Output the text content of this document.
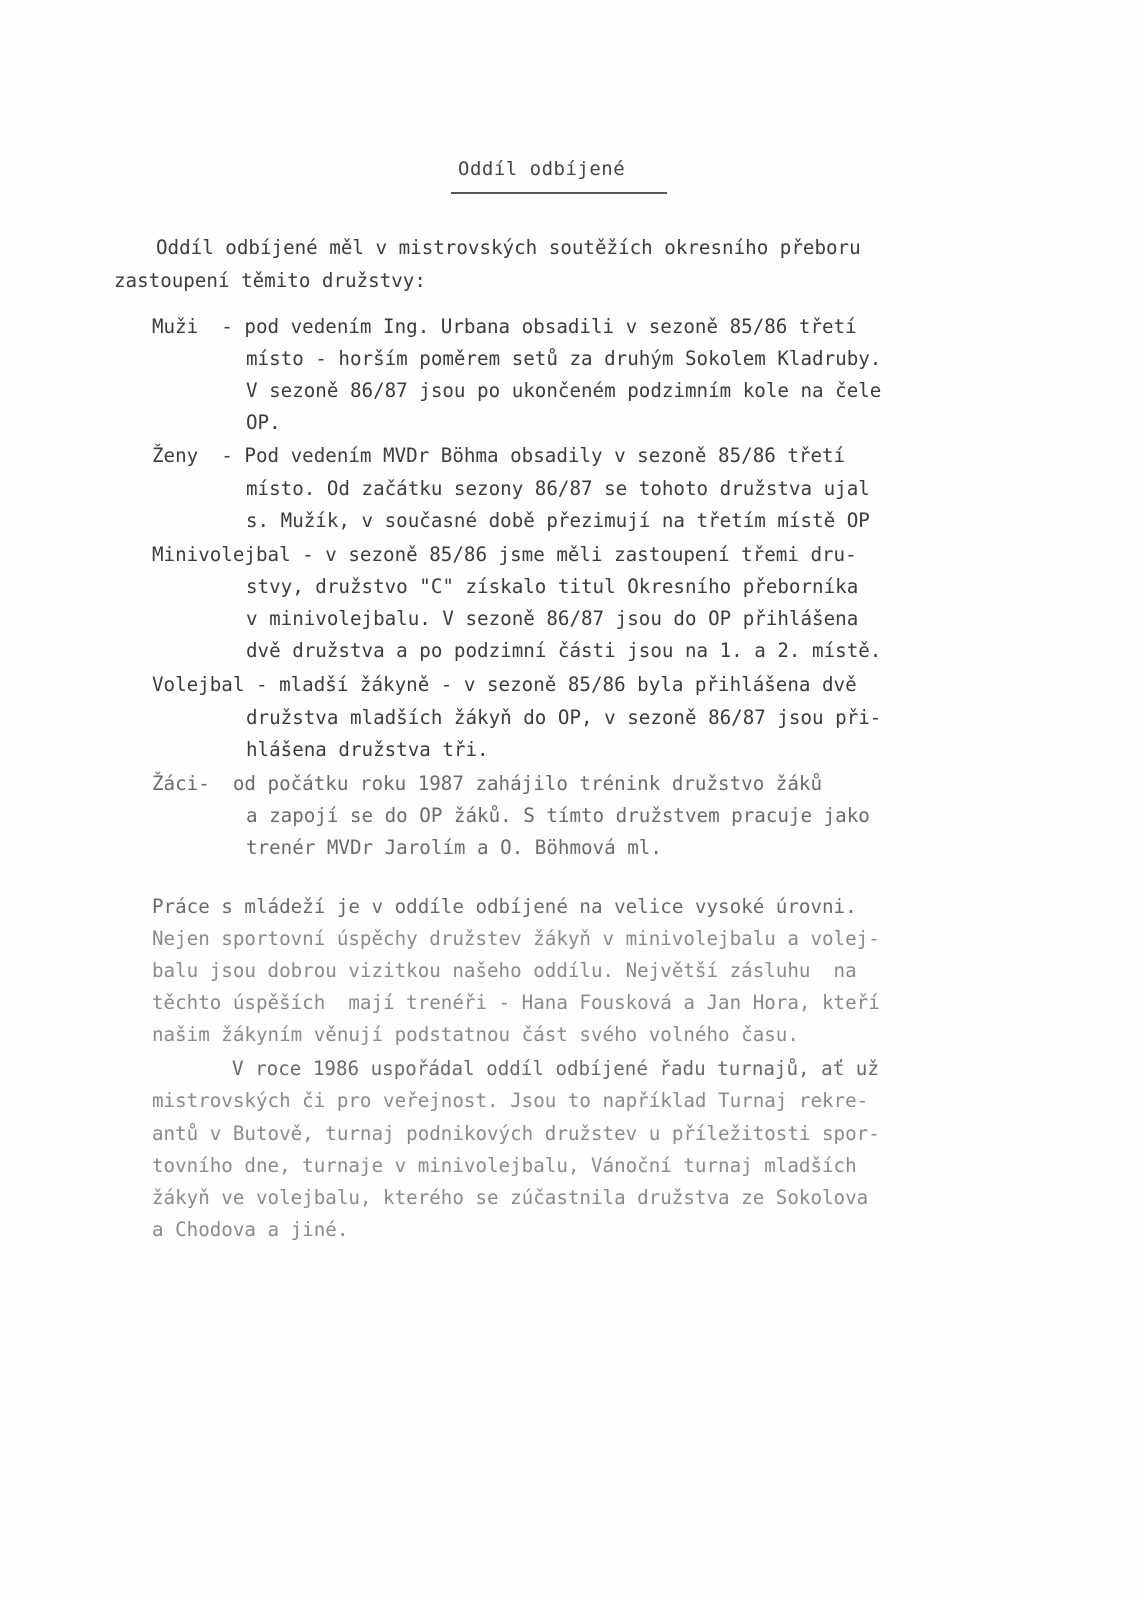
Oddíl odbíjené
Oddíl odbíjené měl v mistrovských soutěžích okresního přeboru
zastoupení těmito družstvy:
Muži  - pod vedením Ing. Urbana obsadili v sezoně 85/86 třetí
místo - horším poměrem setů za druhým Sokolem Kladruby.
V sezoně 86/87 jsou po ukončeném podzimním kole na čele
OP.
Ženy  - Pod vedením MVDr Böhma obsadily v sezoně 85/86 třetí
místo. Od začátku sezony 86/87 se tohoto družstva ujal
s. Mužík, v současné době přezimují na třetím místě OP
Minivolejbal - v sezoně 85/86 jsme měli zastoupení třemi dru-
stvy, družstvo "C" získalo titul Okresního přeborníka
v minivolejbalu. V sezoně 86/87 jsou do OP přihlášena
dvě družstva a po podzimní části jsou na 1. a 2. místě.
Volejbal - mladší žákyně - v sezoně 85/86 byla přihlášena dvě
družstva mladších žákyň do OP, v sezoně 86/87 jsou při-
hlášena družstva tři.
Žáci-  od počátku roku 1987 zahájilo trénink družstvo žáků
a zapojí se do OP žáků. S tímto družstvem pracuje jako
trenér MVDr Jarolím a O. Böhmová ml.
Práce s mládeží je v oddíle odbíjené na velice vysoké úrovni.
Nejen sportovní úspěchy družstev žákyň v minivolejbalu a volej-
balu jsou dobrou vizitkou našeho oddílu. Největší zásluhu  na
těchto úspěších  mají trenéři - Hana Fousková a Jan Hora, kteří
našim žákyním věnují podstatnou část svého volného času.
V roce 1986 uspořádal oddíl odbíjené řadu turnajů, ať už
mistrovských či pro veřejnost. Jsou to například Turnaj rekre-
antů v Butově, turnaj podnikových družstev u příležitosti spor-
tovního dne, turnaje v minivolejbalu, Vánoční turnaj mladších
žákyň ve volejbalu, kterého se zúčastnila družstva ze Sokolova
a Chodova a jiné.
